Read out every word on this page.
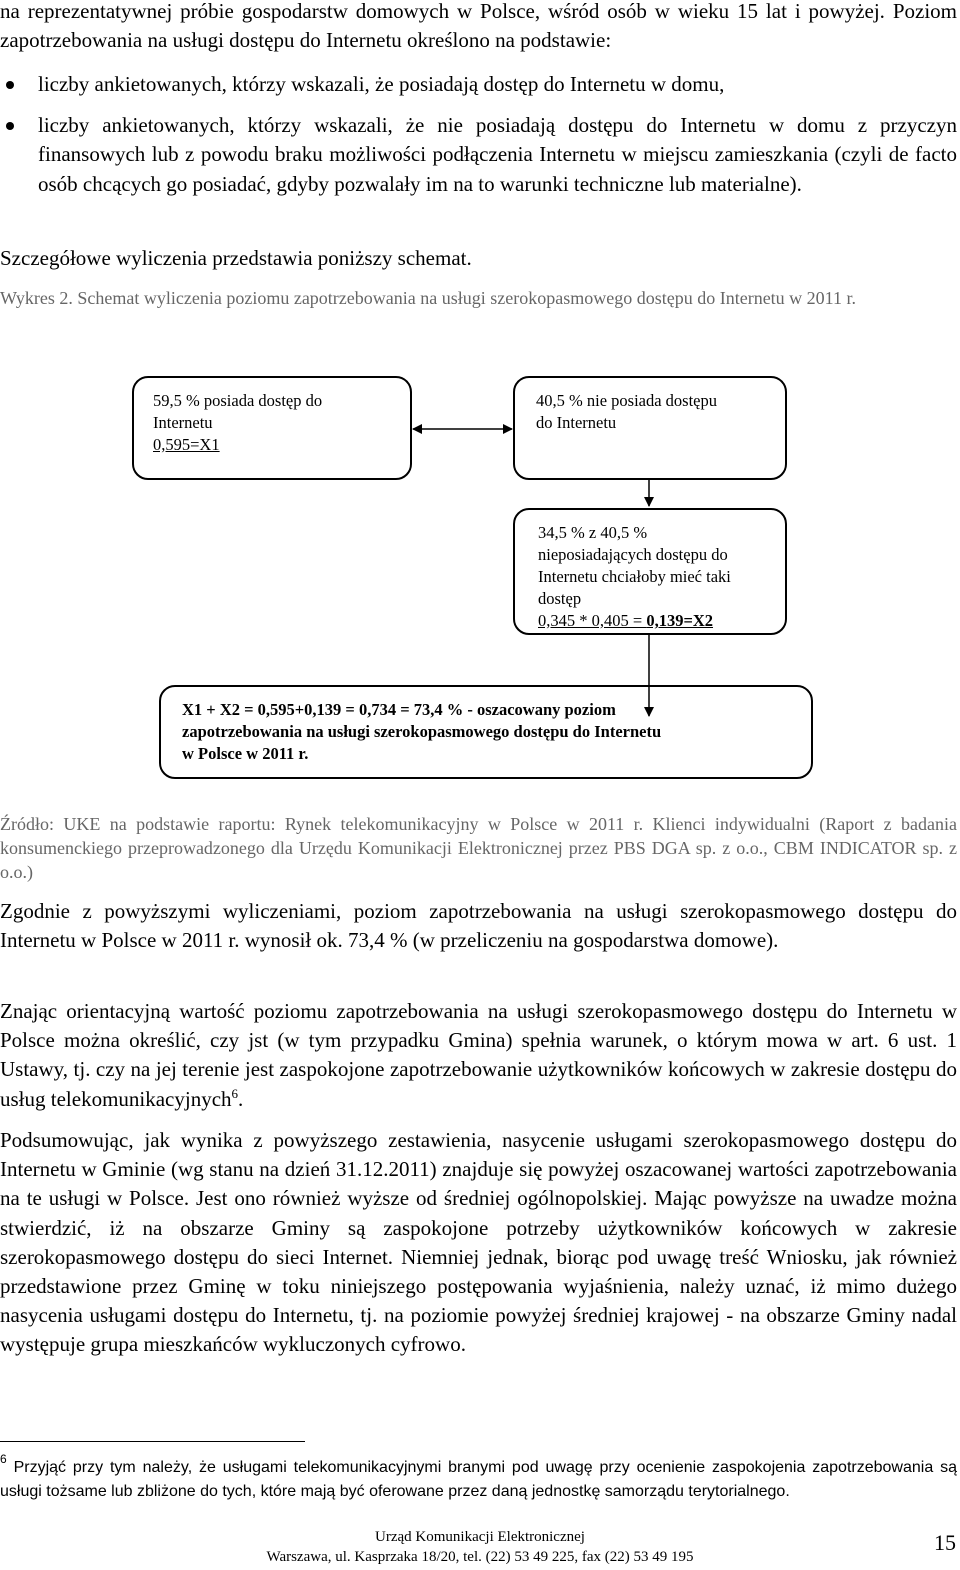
na reprezentatywnej próbie gospodarstw domowych w Polsce, wśród osób w wieku 15 lat i powyżej. Poziom zapotrzebowania na usługi dostępu do Internetu określono na podstawie:
liczby ankietowanych, którzy wskazali, że posiadają dostęp do Internetu w domu,
liczby ankietowanych, którzy wskazali, że nie posiadają dostępu do Internetu w domu z przyczyn finansowych lub z powodu braku możliwości podłączenia Internetu w miejscu zamieszkania (czyli de facto osób chcących go posiadać, gdyby pozwalały im na to warunki techniczne lub materialne).
Szczegółowe wyliczenia przedstawia poniższy schemat.
Wykres 2. Schemat wyliczenia poziomu zapotrzebowania na usługi szerokopasmowego dostępu do Internetu w 2011 r.
59,5 % posiada dostęp do
Internetu
0,595=X1
40,5 % nie posiada dostępu
do Internetu
34,5 % z 40,5 %
nieposiadających dostępu do
Internetu chciałoby mieć taki
dostęp
0,345 * 0,405 = 0,139=X2
X1 + X2 = 0,595+0,139 = 0,734 = 73,4 % - oszacowany poziom
zapotrzebowania na usługi szerokopasmowego dostępu do Internetu
w Polsce w 2011 r.
Źródło: UKE na podstawie raportu: Rynek telekomunikacyjny w Polsce w 2011 r. Klienci indywidualni (Raport z badania konsumenckiego przeprowadzonego dla Urzędu Komunikacji Elektronicznej przez PBS DGA sp. z o.o., CBM INDICATOR sp. z o.o.)
Zgodnie z powyższymi wyliczeniami, poziom zapotrzebowania na usługi szerokopasmowego dostępu do Internetu w Polsce w 2011 r. wynosił ok. 73,4 % (w przeliczeniu na gospodarstwa domowe).
Znając orientacyjną wartość poziomu zapotrzebowania na usługi szerokopasmowego dostępu do Internetu w Polsce można określić, czy jst (w tym przypadku Gmina) spełnia warunek, o którym mowa w art. 6 ust. 1 Ustawy, tj. czy na jej terenie jest zaspokojone zapotrzebowanie użytkowników końcowych w zakresie dostępu do usług telekomunikacyjnych$^6$.
Podsumowując, jak wynika z powyższego zestawienia, nasycenie usługami szerokopasmowego dostępu do Internetu w Gminie (wg stanu na dzień 31.12.2011) znajduje się powyżej oszacowanej wartości zapotrzebowania na te usługi w Polsce. Jest ono również wyższe od średniej ogólnopolskiej. Mając powyższe na uwadze można stwierdzić, iż na obszarze Gminy są zaspokojone potrzeby użytkowników końcowych w zakresie szerokopasmowego dostępu do sieci Internet. Niemniej jednak, biorąc pod uwagę treść Wniosku, jak również przedstawione przez Gminę w toku niniejszego postępowania wyjaśnienia, należy uznać, iż mimo dużego nasycenia usługami dostępu do Internetu, tj. na poziomie powyżej średniej krajowej - na obszarze Gminy nadal występuje grupa mieszkańców wykluczonych cyfrowo.
$^6$ Przyjąć przy tym należy, że usługami telekomunikacyjnymi branymi pod uwagę przy ocenienie zaspokojenia zapotrzebowania są usługi tożsame lub zbliżone do tych, które mają być oferowane przez daną jednostkę samorządu terytorialnego.
Urząd Komunikacji Elektronicznej
Warszawa, ul. Kasprzaka 18/20, tel. (22) 53 49 225, fax (22) 53 49 195
15
